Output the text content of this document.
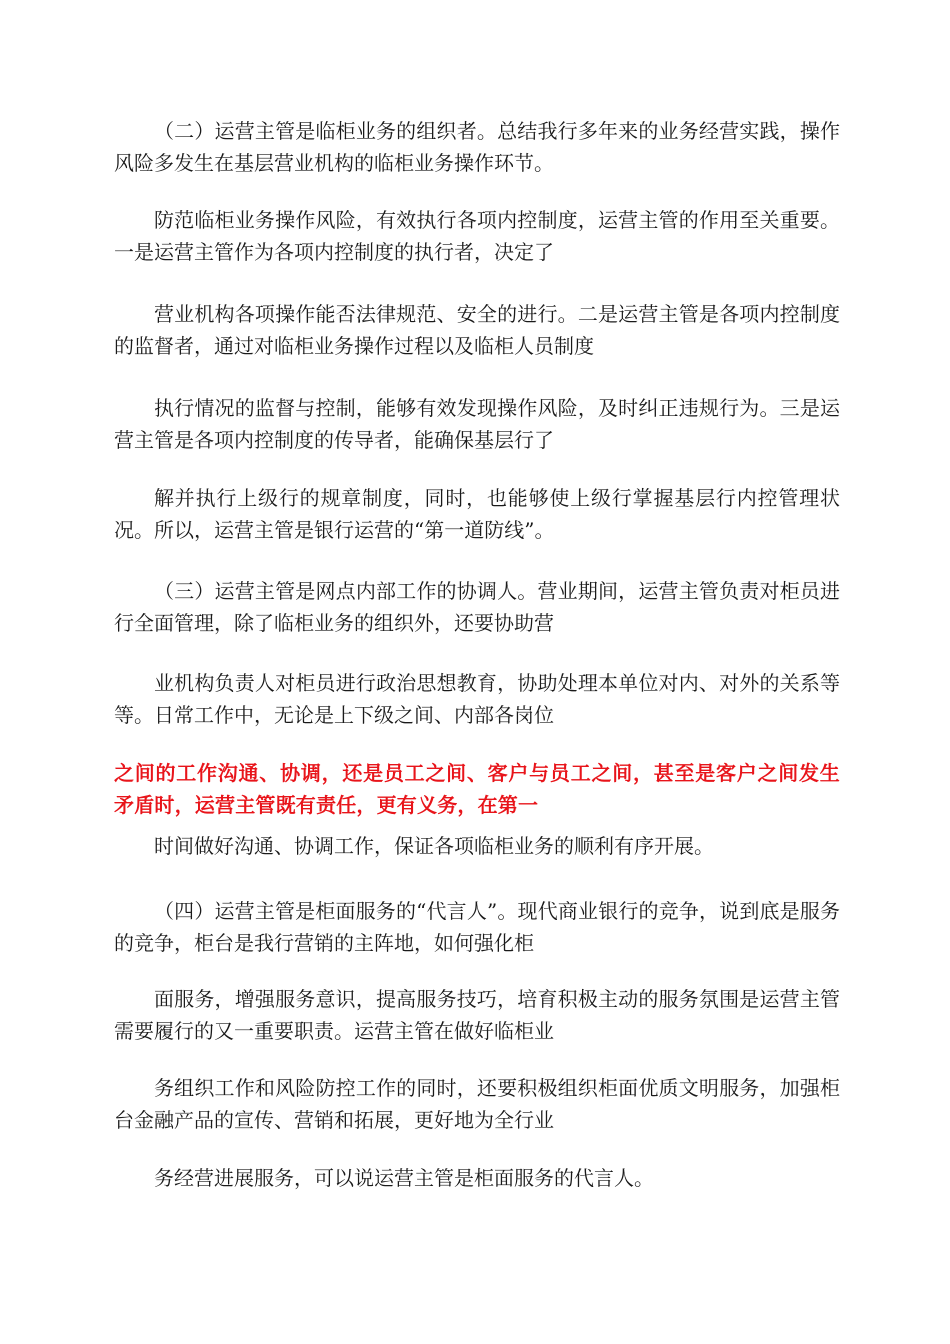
（二）运营主管是临柜业务的组织者。总结我行多年来的业务经营实践，操作风险多发生在基层营业机构的临柜业务操作环节。

防范临柜业务操作风险，有效执行各项内控制度，运营主管的作用至关重要。一是运营主管作为各项内控制度的执行者，决定了

营业机构各项操作能否法律规范、安全的进行。二是运营主管是各项内控制度的监督者，通过对临柜业务操作过程以及临柜人员制度

执行情况的监督与控制，能够有效发现操作风险，及时纠正违规行为。三是运营主管是各项内控制度的传导者，能确保基层行了

解并执行上级行的规章制度，同时，也能够使上级行掌握基层行内控管理状况。所以，运营主管是银行运营的“第一道防线”。

（三）运营主管是网点内部工作的协调人。营业期间，运营主管负责对柜员进行全面管理，除了临柜业务的组织外，还要协助营

业机构负责人对柜员进行政治思想教育，协助处理本单位对内、对外的关系等等。日常工作中，无论是上下级之间、内部各岗位

之间的工作沟通、协调，还是员工之间、客户与员工之间，甚至是客户之间发生矛盾时，运营主管既有责任，更有义务，在第一

时间做好沟通、协调工作，保证各项临柜业务的顺利有序开展。

（四）运营主管是柜面服务的“代言人”。现代商业银行的竞争，说到底是服务的竞争，柜台是我行营销的主阵地，如何强化柜

面服务，增强服务意识，提高服务技巧，培育积极主动的服务氛围是运营主管需要履行的又一重要职责。运营主管在做好临柜业

务组织工作和风险防控工作的同时，还要积极组织柜面优质文明服务，加强柜台金融产品的宣传、营销和拓展，更好地为全行业

务经营进展服务，可以说运营主管是柜面服务的代言人。
